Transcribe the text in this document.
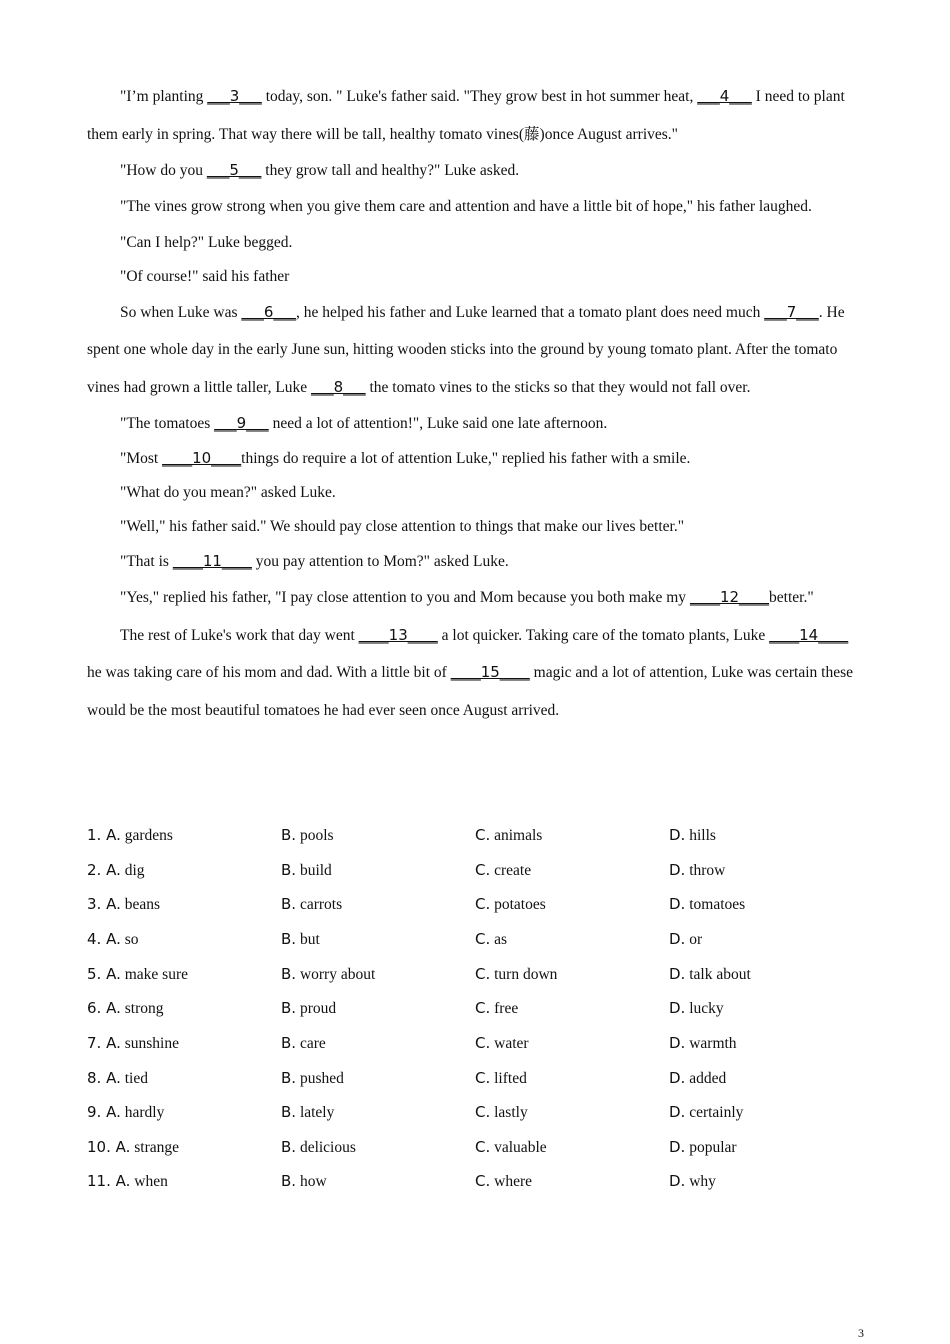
"I’m planting ___3___ today, son. " Luke's father said. "They grow best in hot summer heat, ___4___ I need to plant them early in spring. That way there will be tall, healthy tomato vines(藤)once August arrives."

"How do you ___5___ they grow tall and healthy?" Luke asked.

"The vines grow strong when you give them care and attention and have a little bit of hope," his father laughed.

"Can I help?" Luke begged.

"Of course!" said his father

So when Luke was ___6___, he helped his father and Luke learned that a tomato plant does need much ___7___. He spent one whole day in the early June sun, hitting wooden sticks into the ground by young tomato plant. After the tomato vines had grown a little taller, Luke ___8___ the tomato vines to the sticks so that they would not fall over.

"The tomatoes ___9___ need a lot of attention!", Luke said one late afternoon.

"Most ____10____things do require a lot of attention Luke," replied his father with a smile.

"What do you mean?" asked Luke.

"Well," his father said." We should pay close attention to things that make our lives better."

"That is ____11____ you pay attention to Mom?" asked Luke.

"Yes," replied his father, "I pay close attention to you and Mom because you both make my ____12____better."

The rest of Luke's work that day went ____13____ a lot quicker. Taking care of the tomato plants, Luke ____14____ he was taking care of his mom and dad. With a little bit of ____15____ magic and a lot of attention, Luke was certain these would be the most beautiful tomatoes he had ever seen once August arrived.

1. A. gardens	B. pools	C. animals	D. hills
2. A. dig	B. build	C. create	D. throw
3. A. beans	B. carrots	C. potatoes	D. tomatoes
4. A. so	B. but	C. as	D. or
5. A. make sure	B. worry about	C. turn down	D. talk about
6. A. strong	B. proud	C. free	D. lucky
7. A. sunshine	B. care	C. water	D. warmth
8. A. tied	B. pushed	C. lifted	D. added
9. A. hardly	B. lately	C. lastly	D. certainly
10. A. strange	B. delicious	C. valuable	D. popular
11. A. when	B. how	C. where	D. why
3
